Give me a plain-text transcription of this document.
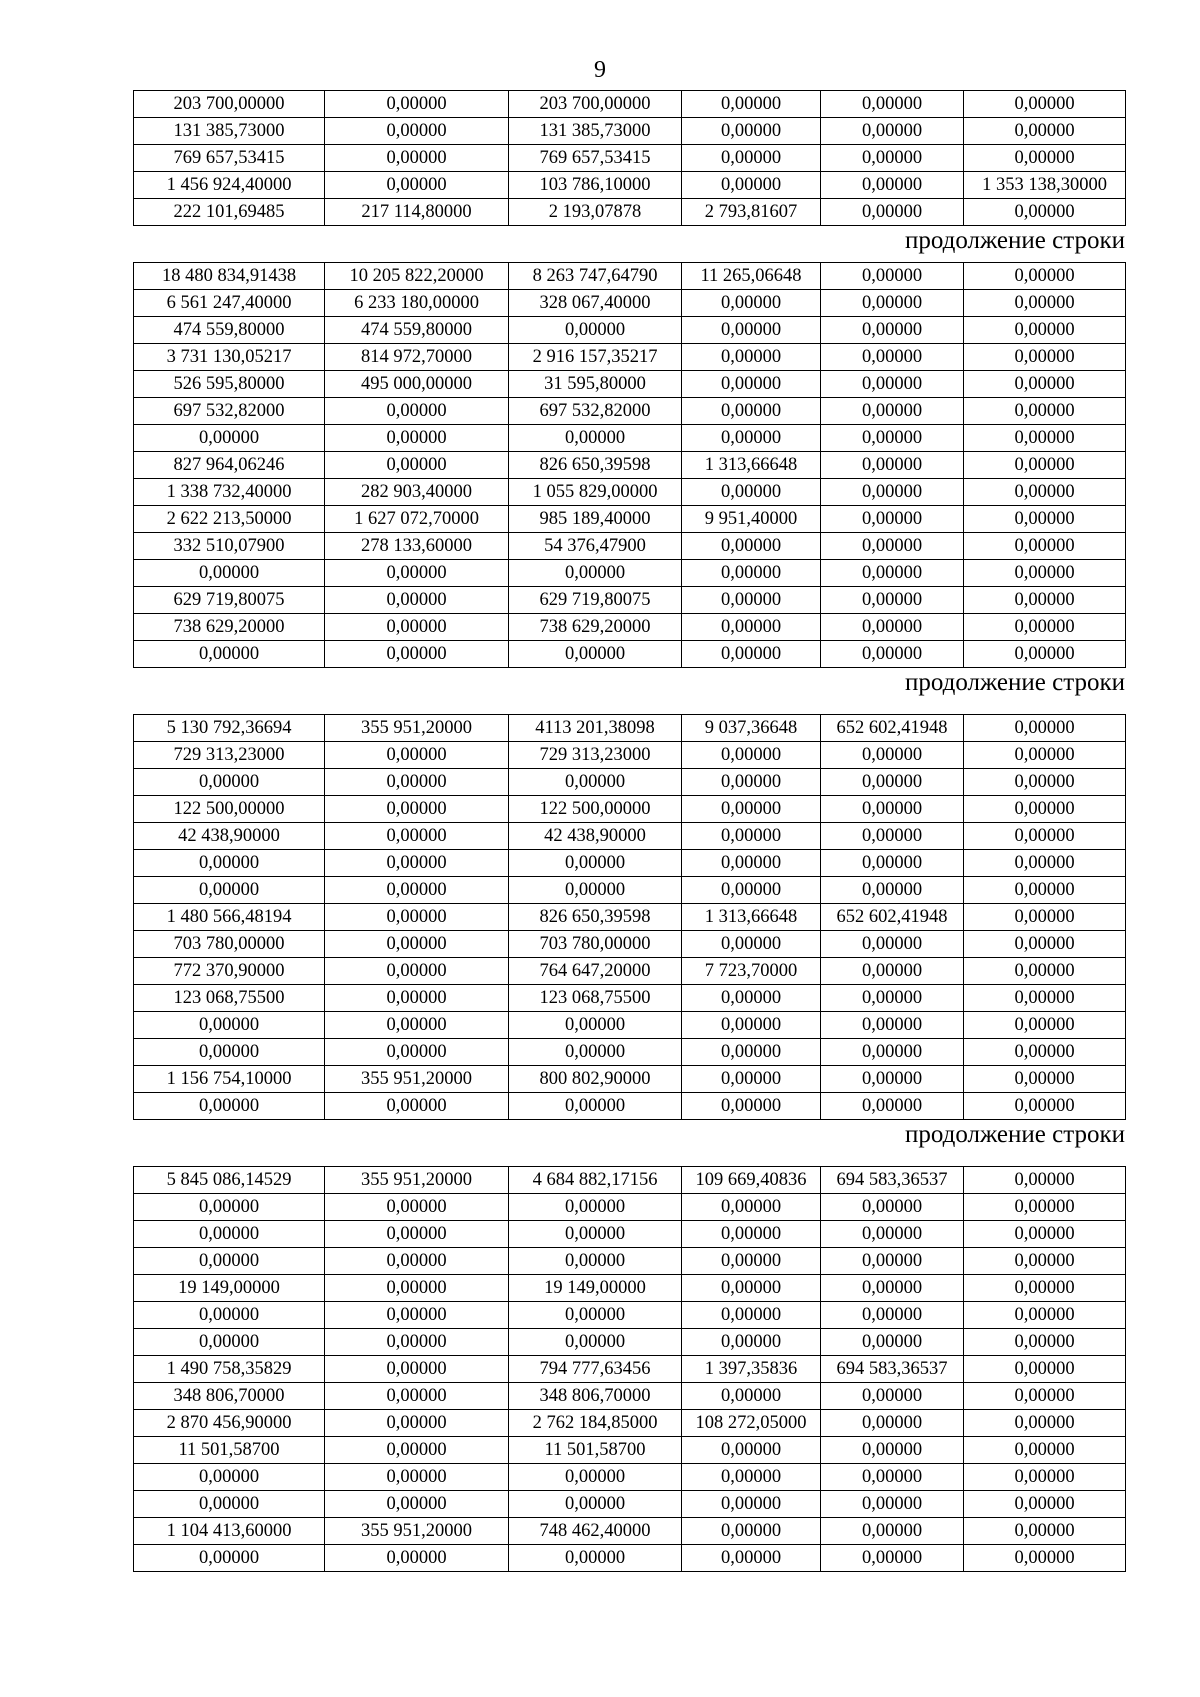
9
203 700,00000	0,00000	203 700,00000	0,00000	0,00000	0,00000
131 385,73000	0,00000	131 385,73000	0,00000	0,00000	0,00000
769 657,53415	0,00000	769 657,53415	0,00000	0,00000	0,00000
1 456 924,40000	0,00000	103 786,10000	0,00000	0,00000	1 353 138,30000
222 101,69485	217 114,80000	2 193,07878	2 793,81607	0,00000	0,00000
продолжение строки
18 480 834,91438	10 205 822,20000	8 263 747,64790	11 265,06648	0,00000	0,00000
6 561 247,40000	6 233 180,00000	328 067,40000	0,00000	0,00000	0,00000
474 559,80000	474 559,80000	0,00000	0,00000	0,00000	0,00000
3 731 130,05217	814 972,70000	2 916 157,35217	0,00000	0,00000	0,00000
526 595,80000	495 000,00000	31 595,80000	0,00000	0,00000	0,00000
697 532,82000	0,00000	697 532,82000	0,00000	0,00000	0,00000
0,00000	0,00000	0,00000	0,00000	0,00000	0,00000
827 964,06246	0,00000	826 650,39598	1 313,66648	0,00000	0,00000
1 338 732,40000	282 903,40000	1 055 829,00000	0,00000	0,00000	0,00000
2 622 213,50000	1 627 072,70000	985 189,40000	9 951,40000	0,00000	0,00000
332 510,07900	278 133,60000	54 376,47900	0,00000	0,00000	0,00000
0,00000	0,00000	0,00000	0,00000	0,00000	0,00000
629 719,80075	0,00000	629 719,80075	0,00000	0,00000	0,00000
738 629,20000	0,00000	738 629,20000	0,00000	0,00000	0,00000
0,00000	0,00000	0,00000	0,00000	0,00000	0,00000
продолжение строки
5 130 792,36694	355 951,20000	4113 201,38098	9 037,36648	652 602,41948	0,00000
729 313,23000	0,00000	729 313,23000	0,00000	0,00000	0,00000
0,00000	0,00000	0,00000	0,00000	0,00000	0,00000
122 500,00000	0,00000	122 500,00000	0,00000	0,00000	0,00000
42 438,90000	0,00000	42 438,90000	0,00000	0,00000	0,00000
0,00000	0,00000	0,00000	0,00000	0,00000	0,00000
0,00000	0,00000	0,00000	0,00000	0,00000	0,00000
1 480 566,48194	0,00000	826 650,39598	1 313,66648	652 602,41948	0,00000
703 780,00000	0,00000	703 780,00000	0,00000	0,00000	0,00000
772 370,90000	0,00000	764 647,20000	7 723,70000	0,00000	0,00000
123 068,75500	0,00000	123 068,75500	0,00000	0,00000	0,00000
0,00000	0,00000	0,00000	0,00000	0,00000	0,00000
0,00000	0,00000	0,00000	0,00000	0,00000	0,00000
1 156 754,10000	355 951,20000	800 802,90000	0,00000	0,00000	0,00000
0,00000	0,00000	0,00000	0,00000	0,00000	0,00000
продолжение строки
5 845 086,14529	355 951,20000	4 684 882,17156	109 669,40836	694 583,36537	0,00000
0,00000	0,00000	0,00000	0,00000	0,00000	0,00000
0,00000	0,00000	0,00000	0,00000	0,00000	0,00000
0,00000	0,00000	0,00000	0,00000	0,00000	0,00000
19 149,00000	0,00000	19 149,00000	0,00000	0,00000	0,00000
0,00000	0,00000	0,00000	0,00000	0,00000	0,00000
0,00000	0,00000	0,00000	0,00000	0,00000	0,00000
1 490 758,35829	0,00000	794 777,63456	1 397,35836	694 583,36537	0,00000
348 806,70000	0,00000	348 806,70000	0,00000	0,00000	0,00000
2 870 456,90000	0,00000	2 762 184,85000	108 272,05000	0,00000	0,00000
11 501,58700	0,00000	11 501,58700	0,00000	0,00000	0,00000
0,00000	0,00000	0,00000	0,00000	0,00000	0,00000
0,00000	0,00000	0,00000	0,00000	0,00000	0,00000
1 104 413,60000	355 951,20000	748 462,40000	0,00000	0,00000	0,00000
0,00000	0,00000	0,00000	0,00000	0,00000	0,00000
